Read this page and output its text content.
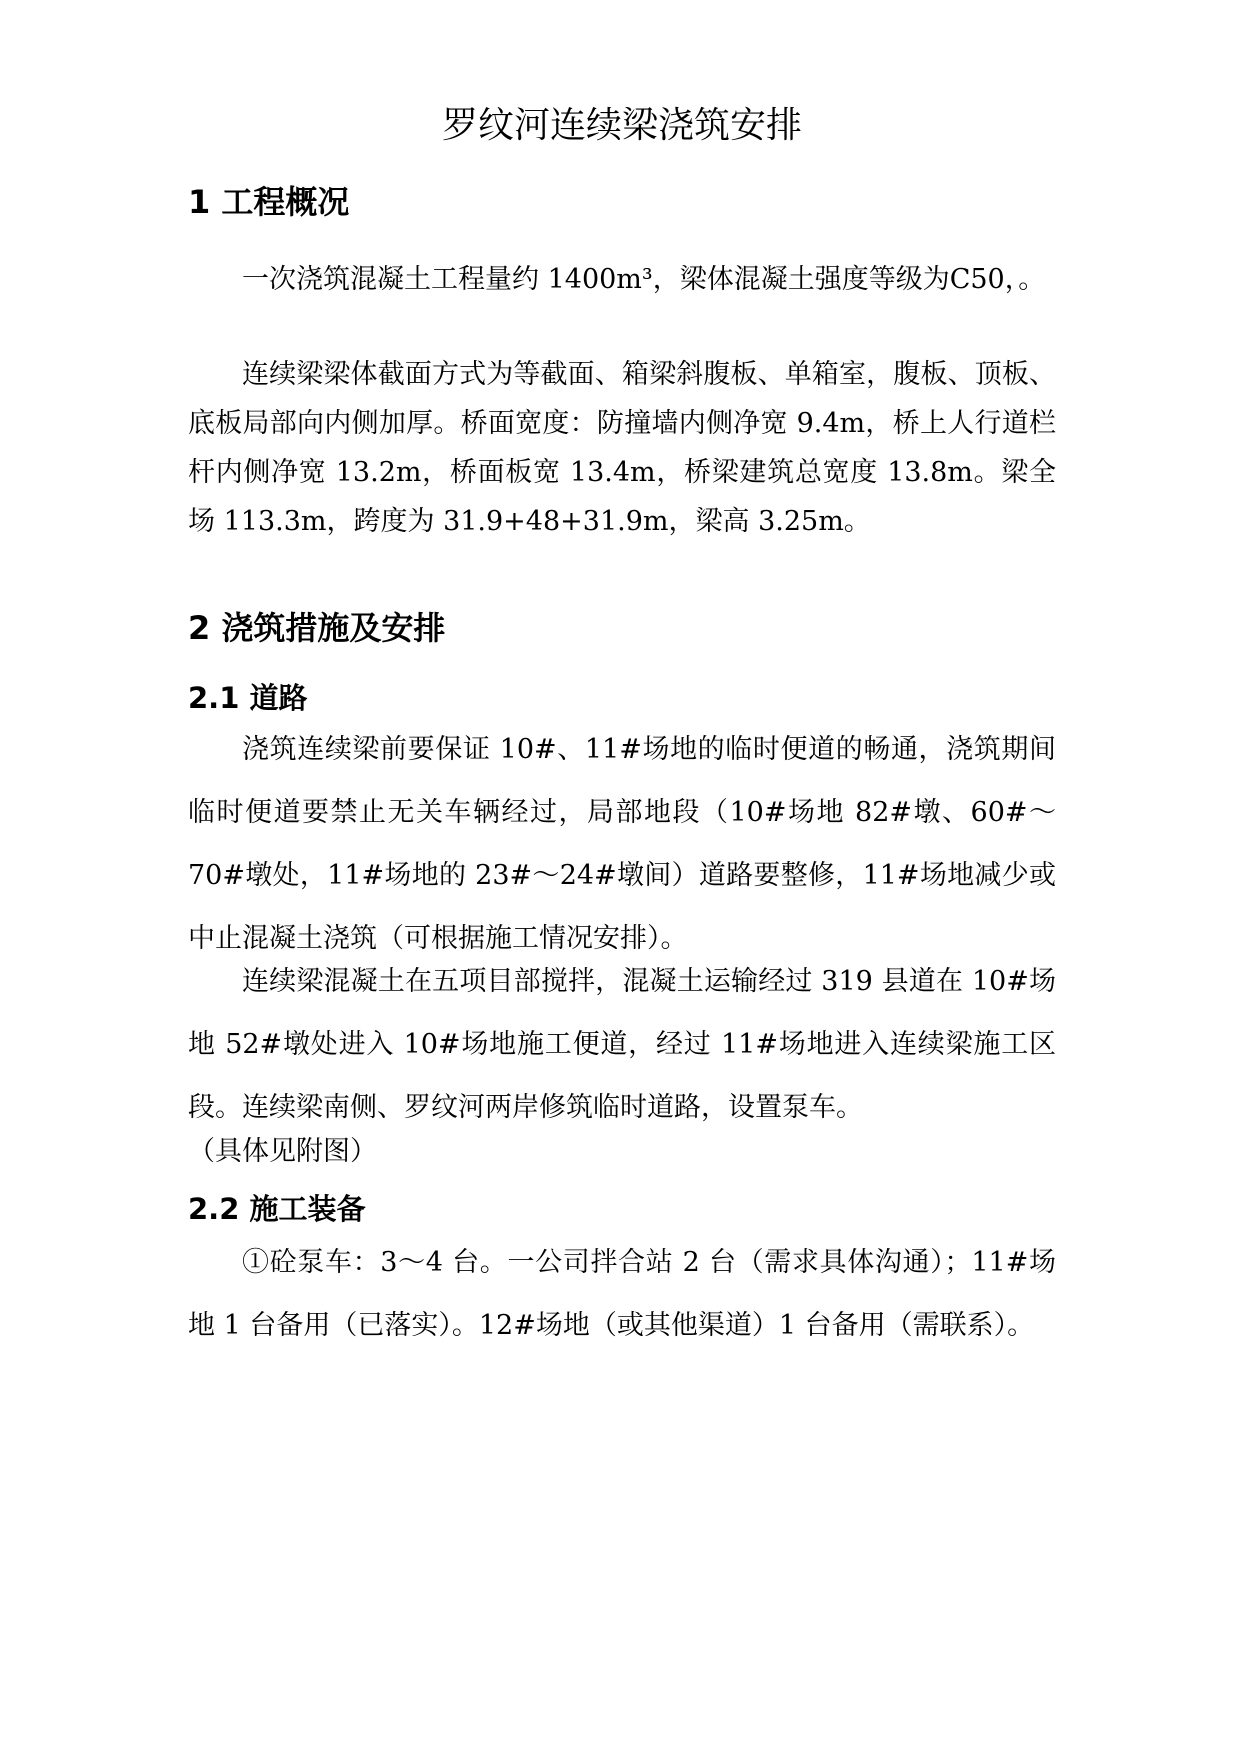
罗纹河连续梁浇筑安排
1 工程概况

一次浇筑混凝土工程量约 1400m³，梁体混凝土强度等级为C50，。

连续梁梁体截面方式为等截面、箱梁斜腹板、单箱室，腹板、顶板、底板局部向内侧加厚。桥面宽度：防撞墙内侧净宽 9.4m，桥上人行道栏杆内侧净宽 13.2m，桥面板宽 13.4m，桥梁建筑总宽度 13.8m。梁全场 113.3m，跨度为 31.9+48+31.9m，梁高 3.25m。

2 浇筑措施及安排
2.1 道路

浇筑连续梁前要保证 10#、11#场地的临时便道的畅通，浇筑期间临时便道要禁止无关车辆经过，局部地段（10#场地 82#墩、60#～70#墩处，11#场地的 23#～24#墩间）道路要整修，11#场地减少或中止混凝土浇筑（可根据施工情况安排）。

连续梁混凝土在五项目部搅拌，混凝土运输经过 319 县道在 10#场地 52#墩处进入 10#场地施工便道，经过 11#场地进入连续梁施工区段。连续梁南侧、罗纹河两岸修筑临时道路，设置泵车。

（具体见附图）

2.2 施工装备

①砼泵车：3～4 台。一公司拌合站 2 台（需求具体沟通）；11#场地 1 台备用（已落实）。12#场地（或其他渠道）1 台备用（需联系）。
